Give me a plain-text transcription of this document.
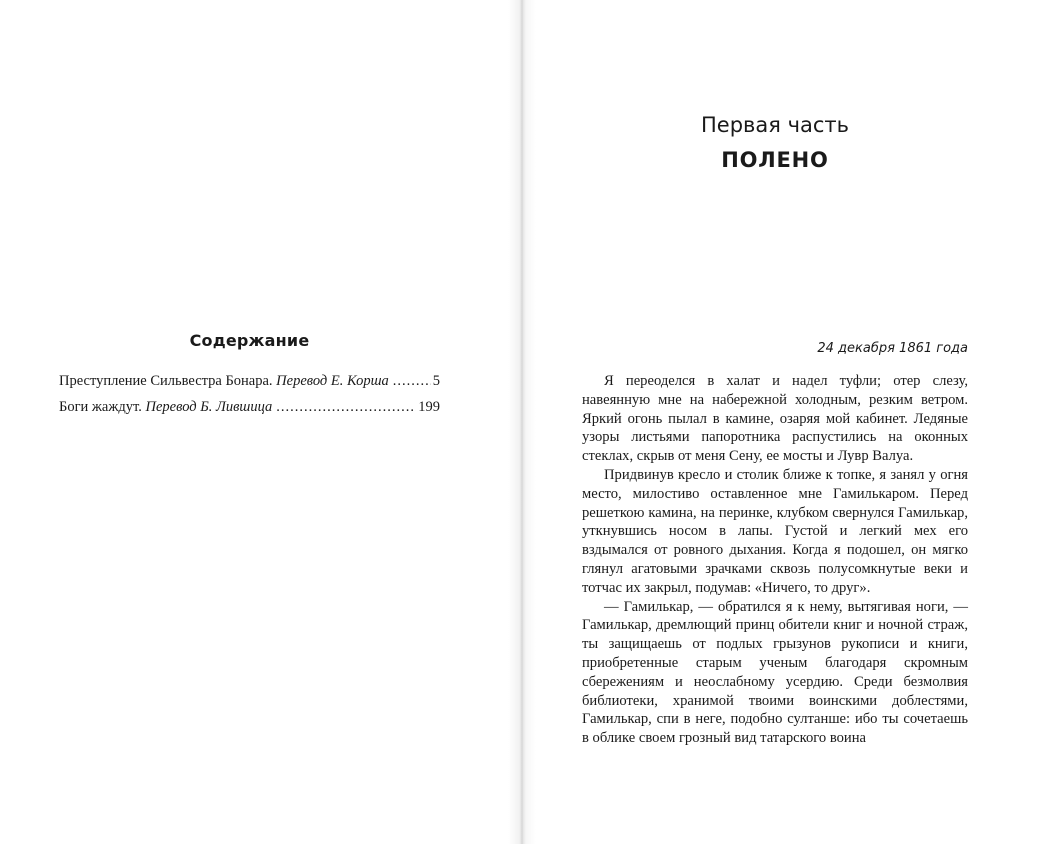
Содержание
Преступление Сильвестра Бонара.
Перевод Е. Корша .....	5
Боги жаждут.
Перевод Б. Лившица .....	199
Первая часть
ПОЛЕНО

24 декабря 1861 года

Я переоделся в халат и надел туфли; отер слезу, навеянную мне на набережной холодным, резким ветром. Яркий огонь пылал в камине, озаряя мой кабинет. Ледяные узоры листьями папоротника распустились на оконных стеклах, скрыв от меня Сену, ее мосты и Лувр Валуа.

Придвинув кресло и столик ближе к топке, я занял у огня место, милостиво оставленное мне Гамилькаром. Перед решеткою камина, на перинке, клубком свернулся Гамилькар, уткнувшись носом в лапы. Густой и легкий мех его вздымался от ровного дыхания. Когда я подошел, он мягко глянул агатовыми зрачками сквозь полусомкнутые веки и тотчас их закрыл, подумав: «Ничего, то друг».

— Гамилькар, — обратился я к нему, вытягивая ноги, — Гамилькар, дремлющий принц обители книг и ночной страж, ты защищаешь от подлых грызунов рукописи и книги, приобретенные старым ученым благодаря скромным сбережениям и неослабному усердию. Среди безмолвия библиотеки, хранимой твоими воинскими доблестями, Гамилькар, спи в неге, подобно султанше: ибо ты сочетаешь в облике своем грозный вид татарского воина
